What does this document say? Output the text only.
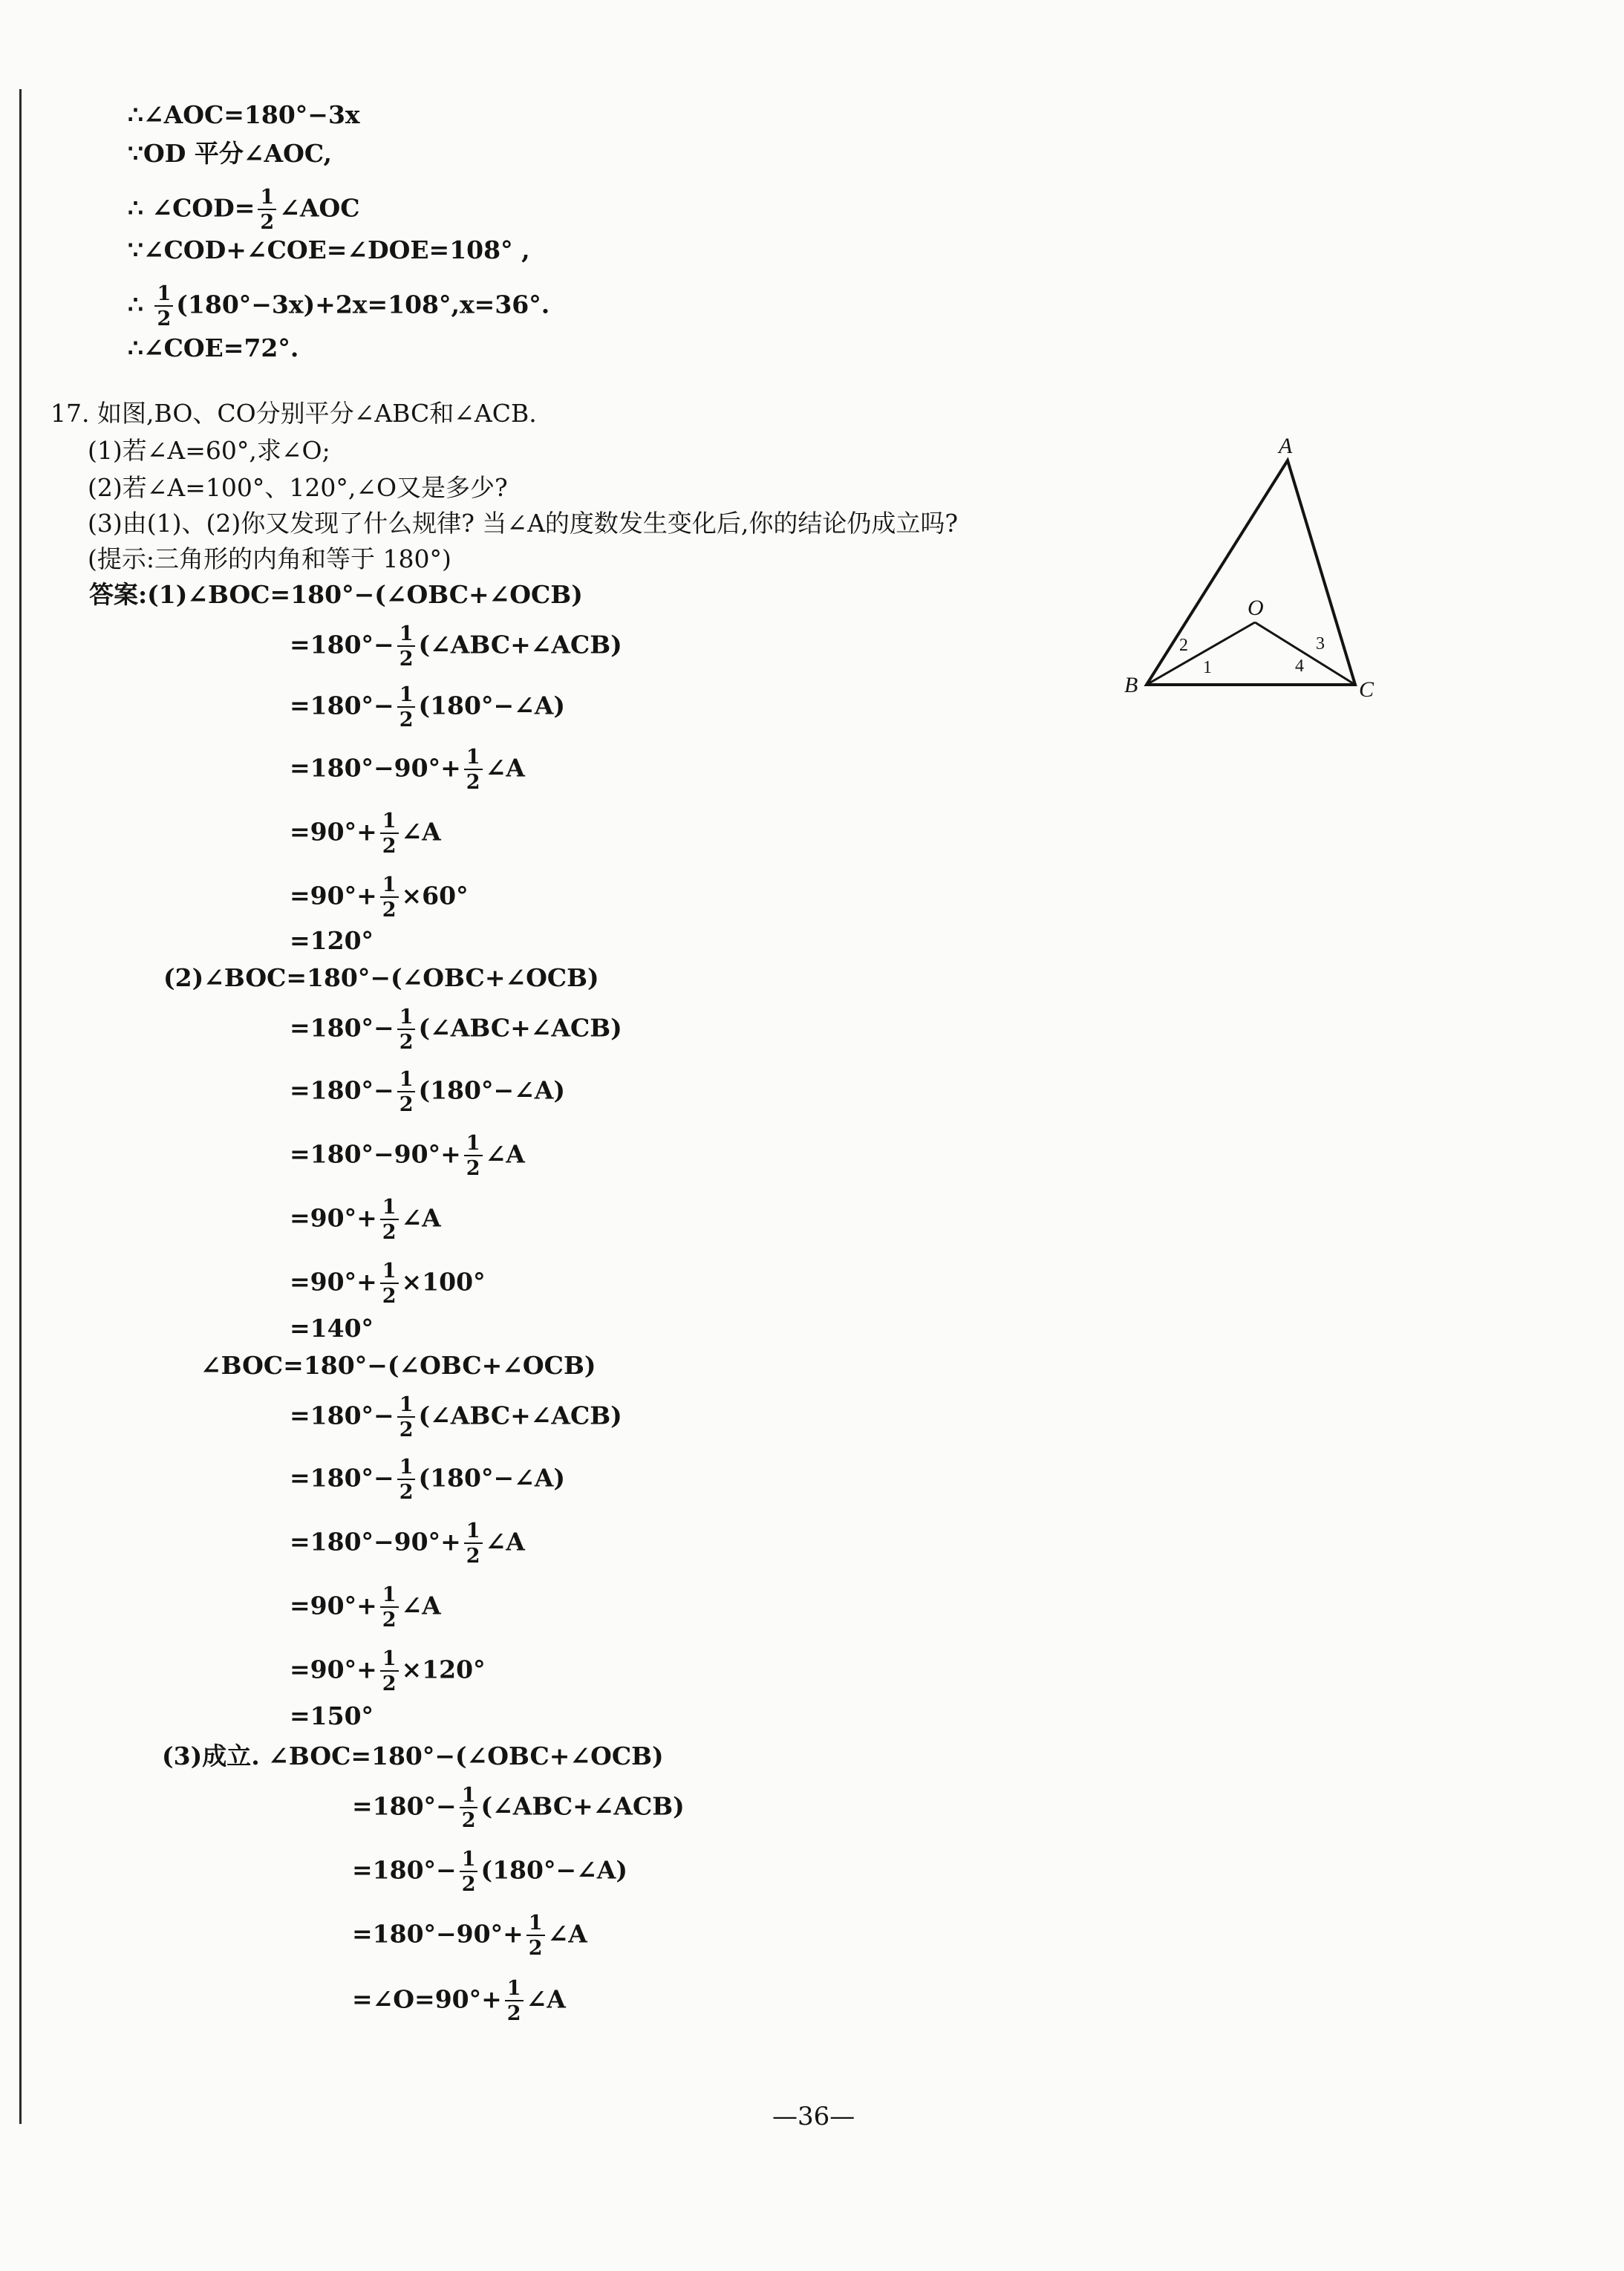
∴∠AOC=180°−3x
∵OD 平分∠AOC,
∴ ∠COD= $\frac{1}{2}$ ∠AOC
∵∠COD+∠COE=∠DOE=108° ,
∴ $\frac{1}{2} (180^\circ-3x)+2x=108^\circ,x=36^\circ$.
∴∠COE=72°.
17. 如图,BO、CO分别平分∠ABC和∠ACB.
(1)若∠A=60°,求∠O;
(2)若∠A=100°、120°,∠O又是多少?
(3)由(1)、(2)你又发现了什么规律? 当∠A的度数发生变化后,你的结论仍成立吗?
(提示:三角形的内角和等于 180°)
A
B	C
O
1
2	3
4
答案:(1)∠BOC=180°−(∠OBC+∠OCB)
$=180^\circ- \frac{1}{2}$ (∠ABC+∠ACB)
$=180^\circ- \frac{1}{2}$ (180°−∠A)
$=180^\circ-90^\circ+ \frac{1}{2}$ ∠A
$=90^\circ+ \frac{1}{2}$ ∠A
$=90^\circ+ \frac{1}{2} \times 60^\circ$
=120°
(2)∠BOC=180°−(∠OBC+∠OCB)
$=180^\circ- \frac{1}{2}$ (∠ABC+∠ACB)
$=180^\circ- \frac{1}{2}$ (180°−∠A)
$=180^\circ-90^\circ+ \frac{1}{2}$ ∠A
$=90^\circ+ \frac{1}{2}$ ∠A
$=90^\circ+ \frac{1}{2} \times 100^\circ$
=140°
∠BOC=180°−(∠OBC+∠OCB)
$=180^\circ- \frac{1}{2}$ (∠ABC+∠ACB)
$=180^\circ- \frac{1}{2}$ (180°−∠A)
$=180^\circ-90^\circ+ \frac{1}{2}$ ∠A
$=90^\circ+ \frac{1}{2}$ ∠A
$=90^\circ+ \frac{1}{2} \times 120^\circ$
=150°
(3)成立. ∠BOC=180°−(∠OBC+∠OCB)
$=180^\circ- \frac{1}{2}$ (∠ABC+∠ACB)
$=180^\circ- \frac{1}{2}$ (180°−∠A)
$=180^\circ-90^\circ+ \frac{1}{2}$ ∠A
=∠O=90°+ $\frac{1}{2}$ ∠A
—36—
